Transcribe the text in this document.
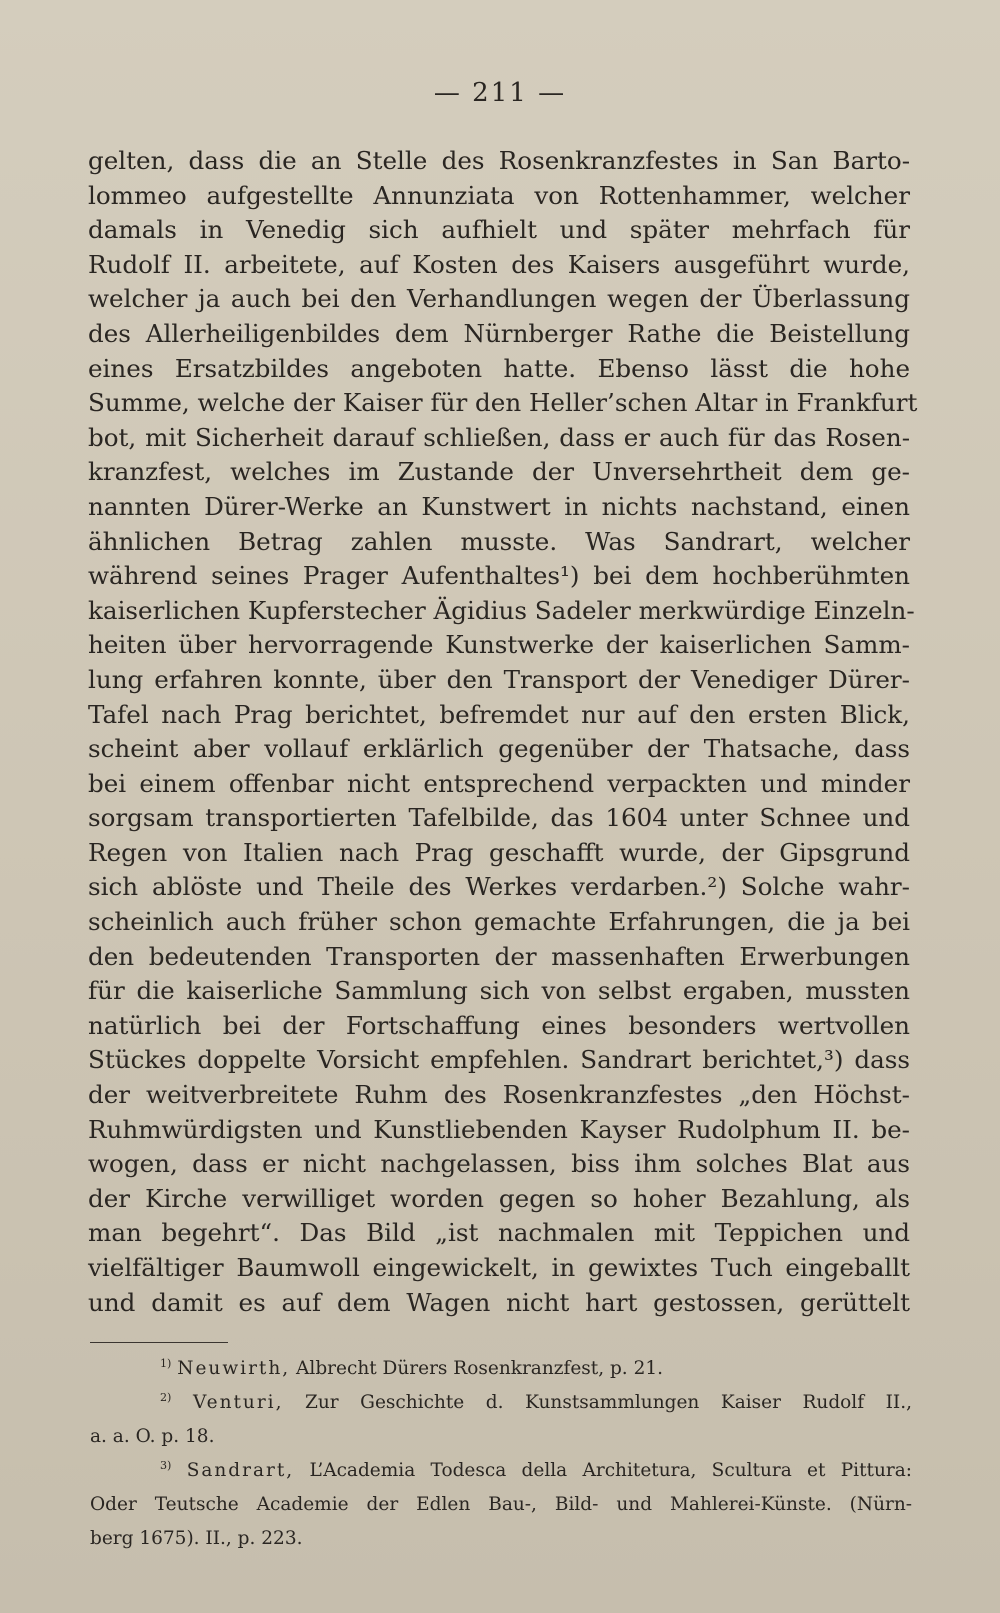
— 211 —
gelten, dass die an Stelle des Rosenkranzfestes in San Barto-
lommeo aufgestellte Annunziata von Rottenhammer, welcher
damals in Venedig sich aufhielt und später mehrfach für
Rudolf II. arbeitete, auf Kosten des Kaisers ausgeführt wurde,
welcher ja auch bei den Verhandlungen wegen der Überlassung
des Allerheiligenbildes dem Nürnberger Rathe die Beistellung
eines Ersatzbildes angeboten hatte. Ebenso lässt die hohe
Summe, welche der Kaiser für den Heller’schen Altar in Frankfurt
bot, mit Sicherheit darauf schließen, dass er auch für das Rosen-
kranzfest, welches im Zustande der Unversehrtheit dem ge-
nannten Dürer-Werke an Kunstwert in nichts nachstand, einen
ähnlichen Betrag zahlen musste. Was Sandrart, welcher
während seines Prager Aufenthaltes¹) bei dem hochberühmten
kaiserlichen Kupferstecher Ägidius Sadeler merkwürdige Einzeln-
heiten über hervorragende Kunstwerke der kaiserlichen Samm-
lung erfahren konnte, über den Transport der Venediger Dürer-
Tafel nach Prag berichtet, befremdet nur auf den ersten Blick,
scheint aber vollauf erklärlich gegenüber der Thatsache, dass
bei einem offenbar nicht entsprechend verpackten und minder
sorgsam transportierten Tafelbilde, das 1604 unter Schnee und
Regen von Italien nach Prag geschafft wurde, der Gipsgrund
sich ablöste und Theile des Werkes verdarben.²) Solche wahr-
scheinlich auch früher schon gemachte Erfahrungen, die ja bei
den bedeutenden Transporten der massenhaften Erwerbungen
für die kaiserliche Sammlung sich von selbst ergaben, mussten
natürlich bei der Fortschaffung eines besonders wertvollen
Stückes doppelte Vorsicht empfehlen. Sandrart berichtet,³) dass
der weitverbreitete Ruhm des Rosenkranzfestes „den Höchst-
Ruhmwürdigsten und Kunstliebenden Kayser Rudolphum II. be-
wogen, dass er nicht nachgelassen, biss ihm solches Blat aus
der Kirche verwilliget worden gegen so hoher Bezahlung, als
man begehrt“. Das Bild „ist nachmalen mit Teppichen und
vielfältiger Baumwoll eingewickelt, in gewixtes Tuch eingeballt
und damit es auf dem Wagen nicht hart gestossen, gerüttelt
$^{1)}$ Neuwirth, Albrecht Dürers Rosenkranzfest, p. 21.
$^{2)}$ Venturi, Zur Geschichte d. Kunstsammlungen Kaiser Rudolf II.,
a. a. O. p. 18.
$^{3)}$ Sandrart, L’Academia Todesca della Architetura, Scultura et Pittura:
Oder Teutsche Academie der Edlen Bau-, Bild- und Mahlerei-Künste. (Nürn-
berg 1675). II., p. 223.
